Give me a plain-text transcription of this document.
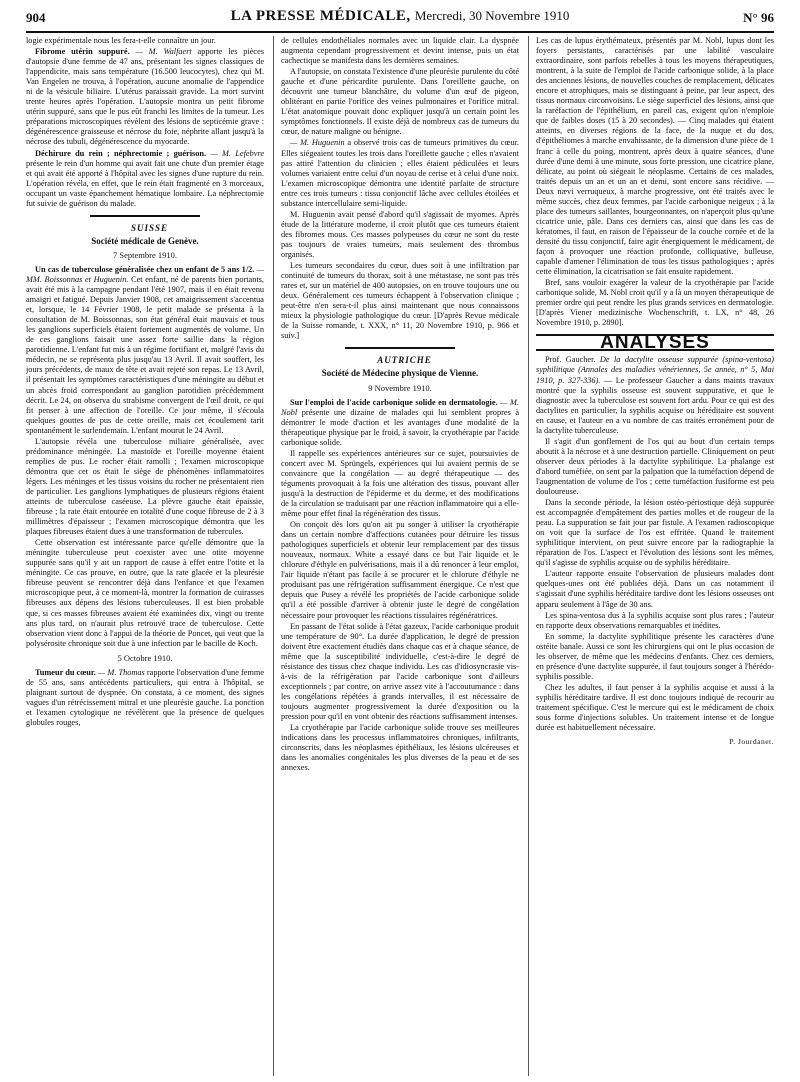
904	LA PRESSE MÉDICALE, Mercredi, 30 Novembre 1910	N° 96

logie expérimentale nous les fera-t-elle connaître un jour.

Fibrome utérin suppuré. — M. Walfaert apporte les pièces d'autopsie d'une femme de 47 ans, présentant les signes classiques de l'appendicite, mais sans température (16.500 leucocytes), chez qui M. Van Engelen ne trouva, à l'opération, aucune anomalie de l'appendice ni de la vésicule biliaire. L'utérus paraissait gravide. La mort survint trente heures après l'opération. L'autopsie montra un petit fibrome utérin suppuré, sans que le pus eût franchi les limites de la tumeur. Les préparations microscopiques révèlent des lésions de septicémie grave : dégénérescence graisseuse et nécrose du foie, néphrite allant jusqu'à la nécrose des tubuli, dégénérescence du myocarde.

Déchirure du rein ; néphrectomie ; guérison. — M. Lefebvre présente le rein d'un homme qui avait fait une chute d'un premier étage et qui avait été apporté à l'hôpital avec les signes d'une rupture du rein. L'opération révéla, en effet, que le rein était fragmenté en 3 morceaux, occupant un vaste épanchement hématique lombaire. La néphrectomie fut suivie de guérison du malade.

SUISSE

Société médicale de Genève.

7 Septembre 1910.

Un cas de tuberculose généralisée chez un enfant de 5 ans 1/2. — MM. Boissonnas et Huguenin. Cet enfant, né de parents bien portants, avait été mis à la campagne pendant l'été 1907, mais il en était revenu amaigri et fatigué. Depuis Janvier 1908, cet amaigrissement s'accentua et, lorsque, le 14 Février 1908, le petit malade se présenta à la consultation de M. Boissonnas, son état général était mauvais et tous les ganglions superficiels étaient fortement augmentés de volume. Un de ces ganglions faisait une assez forte saillie dans la région parotidienne. L'enfant fut mis à un régime fortifiant et, malgré l'avis du médecin, ne se représenta plus jusqu'au 13 Avril. Il avait souffert, les jours précédents, de maux de tête et avait rejeté son repas. Le 13 Avril, il présentait les symptômes caractéristiques d'une méningite au début et un abcès froid correspondant au ganglion parotidien précédemment décrit. Le 24, on observa du strabisme convergent de l'œil droit, ce qui fit penser à une affection de l'oreille. Ce jour même, il s'écoula quelques gouttes de pus de cette oreille, mais cet écoulement tarit spontanément le surlendemain. L'enfant mourut le 24 Avril.

L'autopsie révéla une tuberculose miliaire généralisée, avec prédominance méningée. La mastoïde et l'oreille moyenne étaient remplies de pus. Le rocher était ramolli ; l'examen microscopique démontra que cet os était le siège de phénomènes inflammatoires légers. Les méninges et les tissus voisins du rocher ne présentaient rien de particulier. Les ganglions lymphatiques de plusieurs régions étaient atteints de tuberculose caséeuse. La plèvre gauche était épaissie, fibreuse ; la rate était entourée en totalité d'une coque fibreuse de 2 à 3 millimètres d'épaisseur ; l'examen microscopique démontra que les plaques fibreuses étaient dues à une transformation de tubercules.

Cette observation est intéressante parce qu'elle démontre que la méningite tuberculeuse peut coexister avec une otite moyenne suppurée sans qu'il y ait un rapport de cause à effet entre l'otite et la méningite. Ce cas prouve, en outre, que la rate glacée et la pleurésie fibreuse peuvent se rencontrer déjà dans l'enfance et que l'examen microscopique peut, à ce moment-là, montrer la formation de cuirasses fibreuses aux dépens des lésions tuberculeuses. Il est bien probable que, si ces masses fibreuses avaient été examinées dix, vingt ou trente ans plus tard, on n'aurait plus retrouvé trace de tuberculose. Cette observation vient donc à l'appui de la théorie de Poncet, qui veut que la polysérosite chronique soit due à une infection par le bacille de Koch.

5 Octobre 1910.

Tumeur du cœur. — M. Thomas rapporte l'observation d'une femme de 55 ans, sans antécédents particuliers, qui entra à l'hôpital, se plaignant surtout de dyspnée. On constata, à ce moment, des signes vagues d'un rétrécissement mitral et une pleurésie gauche. La ponction et l'examen cytologique ne révélèrent que la présence de quelques globules rouges,

de cellules endothéliales normales avec un liquide clair. La dyspnée augmenta cependant progressivement et devint intense, puis un état cachectique se manifesta dans les dernières semaines.

A l'autopsie, on constata l'existence d'une pleurésie purulente du côté gauche et d'une péricardite purulente. Dans l'oreillette gauche, on découvrit une tumeur blanchâtre, du volume d'un œuf de pigeon, oblitérant en partie l'orifice des veines pulmonaires et l'orifice mitral. L'état anatomique pouvait donc expliquer jusqu'à un certain point les symptômes fonctionnels. Il existe déjà de nombreux cas de tumeurs du cœur, de nature maligne ou bénigne.

— M. Huguenin a observé trois cas de tumeurs primitives du cœur. Elles siégeaient toutes les trois dans l'oreillette gauche ; elles n'avaient pas attiré l'attention du clinicien ; elles étaient pédiculées et leurs volumes variaient entre celui d'un noyau de cerise et à celui d'une noix. L'examen microscopique démontra une identité parfaite de structure entre ces trois tumeurs : tissu conjonctif lâche avec cellules étoilées et substance intercellulaire semi-liquide.

M. Huguenin avait pensé d'abord qu'il s'agissait de myomes. Après étude de la littérature moderne, il croit plutôt que ces tumeurs étaient des fibromes mous. Ces masses polypeuses du cœur ne sont du reste pas toujours de vraies tumeurs, mais seulement des thrombus organisés.

Les tumeurs secondaires du cœur, dues soit à une infiltration par continuité de tumeurs du thorax, soit à une métastase, ne sont pas très rares et, sur un matériel de 400 autopsies, on en trouve toujours une ou deux. Généralement ces tumeurs échappent à l'observation clinique ; peut-être n'en sera-t-il plus ainsi maintenant que nous connaissons mieux la physiologie pathologique du cœur. [D'après Revue médicale de la Suisse romande, t. XXX, n° 11, 20 Novembre 1910, p. 966 et suiv.]

AUTRICHE

Société de Médecine physique de Vienne.

9 Novembre 1910.

Sur l'emploi de l'acide carbonique solide en dermatologie. — M. Nobl présente une dizaine de malades qui lui semblent propres à démontrer le mode d'action et les avantages d'une modalité de la thérapeutique physique par le froid, à savoir, la cryothérapie par l'acide carbonique solide.

Il rappelle ses expériences antérieures sur ce sujet, poursuivies de concert avec M. Sprüngels, expériences qui lui avaient permis de se convaincre que la congélation — au degré thérapeutique — des téguments provoquait à la fois une altération des tissus, pouvant aller jusqu'à la destruction de l'épiderme et du derme, et des modifications de la circulation se traduisant par une réaction inflammatoire qui a elle-même pour effet final la régénération des tissus.

On conçoit dès lors qu'on ait pu songer à utiliser la cryothérapie dans un certain nombre d'affections cutanées pour détruire les tissus pathologiques superficiels et obtenir leur remplacement par des tissus nouveaux, normaux. White a essayé dans ce but l'air liquide et le chlorure d'éthyle en pulvérisations, mais il a dû renoncer à leur emploi, l'air liquide n'étant pas facile à se procurer et le chlorure d'éthyle ne produisant pas une réfrigération suffisamment énergique. Ce n'est que depuis que Pusey a révélé les propriétés de l'acide carbonique solide qu'il a été possible d'arriver à obtenir juste le degré de congélation nécessaire pour provoquer les réactions tissulaires régénératrices.

En passant de l'état solide à l'état gazeux, l'acide carbonique produit une température de 90°. La durée d'application, le degré de pression doivent être exactement étudiés dans chaque cas et à chaque séance, de même que la susceptibilité individuelle, c'est-à-dire le degré de résistance des tissus chez chaque individu. Les cas d'idiosyncrasie vis-à-vis de la réfrigération par l'acide carbonique sont d'ailleurs exceptionnels ; par contre, on arrive assez vite à l'accoutumance : dans les congélations répétées à grands intervalles, il est nécessaire de toujours augmenter progressivement la durée d'exposition ou la pression pour qu'il en vont obtenir des réactions suffisamment intenses.

La cryothérapie par l'acide carbonique solide trouve ses meilleures indications dans les processus inflammatoires chroniques, infiltrants, circonscrits, dans les néoplasmes épithéliaux, les lésions ulcéreuses et dans les anomalies congénitales les plus diverses de la peau et de ses annexes.

Les cas de lupus érythémateux, présentés par M. Nobl, lupus dont les foyers persistants, caractérisés par une labilité vasculaire extraordinaire, sont parfois rebelles à tous les moyens thérapeutiques, montrent, à la suite de l'emploi de l'acide carbonique solide, à la place des anciennes lésions, de nouvelles couches de remplacement, délicates encore et atrophiques, mais se distinguant à peine, par leur aspect, des tissus normaux circonvoisins. Le siège superficiel des lésions, ainsi que la raréfaction de l'épithélium, en pareil cas, exigent qu'on n'emploie que de faibles doses (15 à 20 secondes). — Cinq malades qui étaient atteints, en diverses régions de la face, de la nuque et du dos, d'épithéliomes à marche envahissante, de la dimension d'une pièce de 1 franc à celle du poing, montrent, après deux à quatre séances, d'une durée d'une demi à une minute, sous forte pression, une cicatrice plane, délicate, au point où siégeait le néoplasme. Certains de ces malades, traités depuis un an et un an et demi, sont encore sans récidive. — Deux nævi verruqueux, à marche progressive, ont été traités avec le même succès, chez deux femmes, par l'acide carbonique neigeux ; à la place des tumeurs saillantes, bourgeonnantes, on n'aperçoit plus qu'une cicatrice unie, pâle. Dans ces derniers cas, ainsi que dans les cas de kératomes, il faut, en raison de l'épaisseur de la couche cornée et de la densité du tissu conjonctif, faire agir énergiquement le médicament, de façon à provoquer une réaction profonde, colliquative, bulleuse, capable d'amener l'élimination de tous les tissus pathologiques ; après cette élimination, la cicatrisation se fait ensuite rapidement.

Bref, sans vouloir exagérer la valeur de la cryothérapie par l'acide carbonique solide, M. Nobl croit qu'il y a là un moyen thérapeutique de premier ordre qui peut rendre les plus grands services en dermatologie. [D'après Viener medizinische Wochenschrift, t. LX, n° 48, 26 Novembre 1910, p. 2890].

ANALYSES

Prof. Gaucher. De la dactylite osseuse suppurée (spina-ventosa) syphilitique (Annales des maladies vénériennes, 5e année, n° 5, Mai 1910, p. 327-336). — Le professeur Gaucher a dans maints travaux montré que la syphilis osseuse est souvent suppurative, et que le diagnostic avec la tuberculose est souvent fort ardu. Pour ce qui est des dactylites en particulier, la syphilis acquise ou héréditaire est souvent en cause, et l'auteur en a vu nombre de cas traités erronément pour de la dactylite tuberculeuse.

Il s'agit d'un gonflement de l'os qui au bout d'un certain temps aboutit à la nécrose et à une destruction partielle. Cliniquement on peut observer deux périodes à la dactylite syphilitique. La phalange est d'abord tuméfiée, on sent par la palpation que la tuméfaction dépend de l'augmentation de volume de l'os ; cette tuméfaction fusiforme est peu douloureuse.

Dans la seconde période, la lésion ostéo-périostique déjà suppurée est accompagnée d'empâtement des parties molles et de rougeur de la peau. La suppuration se fait jour par fistule. A l'examen radioscopique on voit que la surface de l'os est effritée. Quand le traitement syphilitique intervient, on peut suivre encore par la radiographie la réparation de l'os. L'aspect et l'évolution des lésions sont les mêmes, qu'il s'agisse de syphilis acquise ou de syphilis héréditaire.

L'auteur rapporte ensuite l'observation de plusieurs malades dont quelques-unes ont été publiées déjà. Dans un cas notamment il s'agissait d'une syphilis héréditaire tardive dont les lésions osseuses ont apparu seulement à l'âge de 30 ans.

Les spina-ventosa dus à la syphilis acquise sont plus rares ; l'auteur en rapporte deux observations remarquables et inédites.

En somme, la dactylite syphilitique présente les caractères d'une ostéite banale. Aussi ce sont les chirurgiens qui ont le plus occasion de les observer, de même que les médecins d'enfants. Chez ces derniers, en présence d'une dactylite suppurée, il faut toujours songer à l'hérédo-syphilis possible.

Chez les adultes, il faut penser à la syphilis acquise et aussi à la syphilis héréditaire tardive. Il est donc toujours indiqué de recourir au traitement spécifique. C'est le mercure qui est le médicament de choix sous forme d'injections solubles. Un traitement intense et de longue durée est habituellement nécessaire.

P. Jourdanet.
